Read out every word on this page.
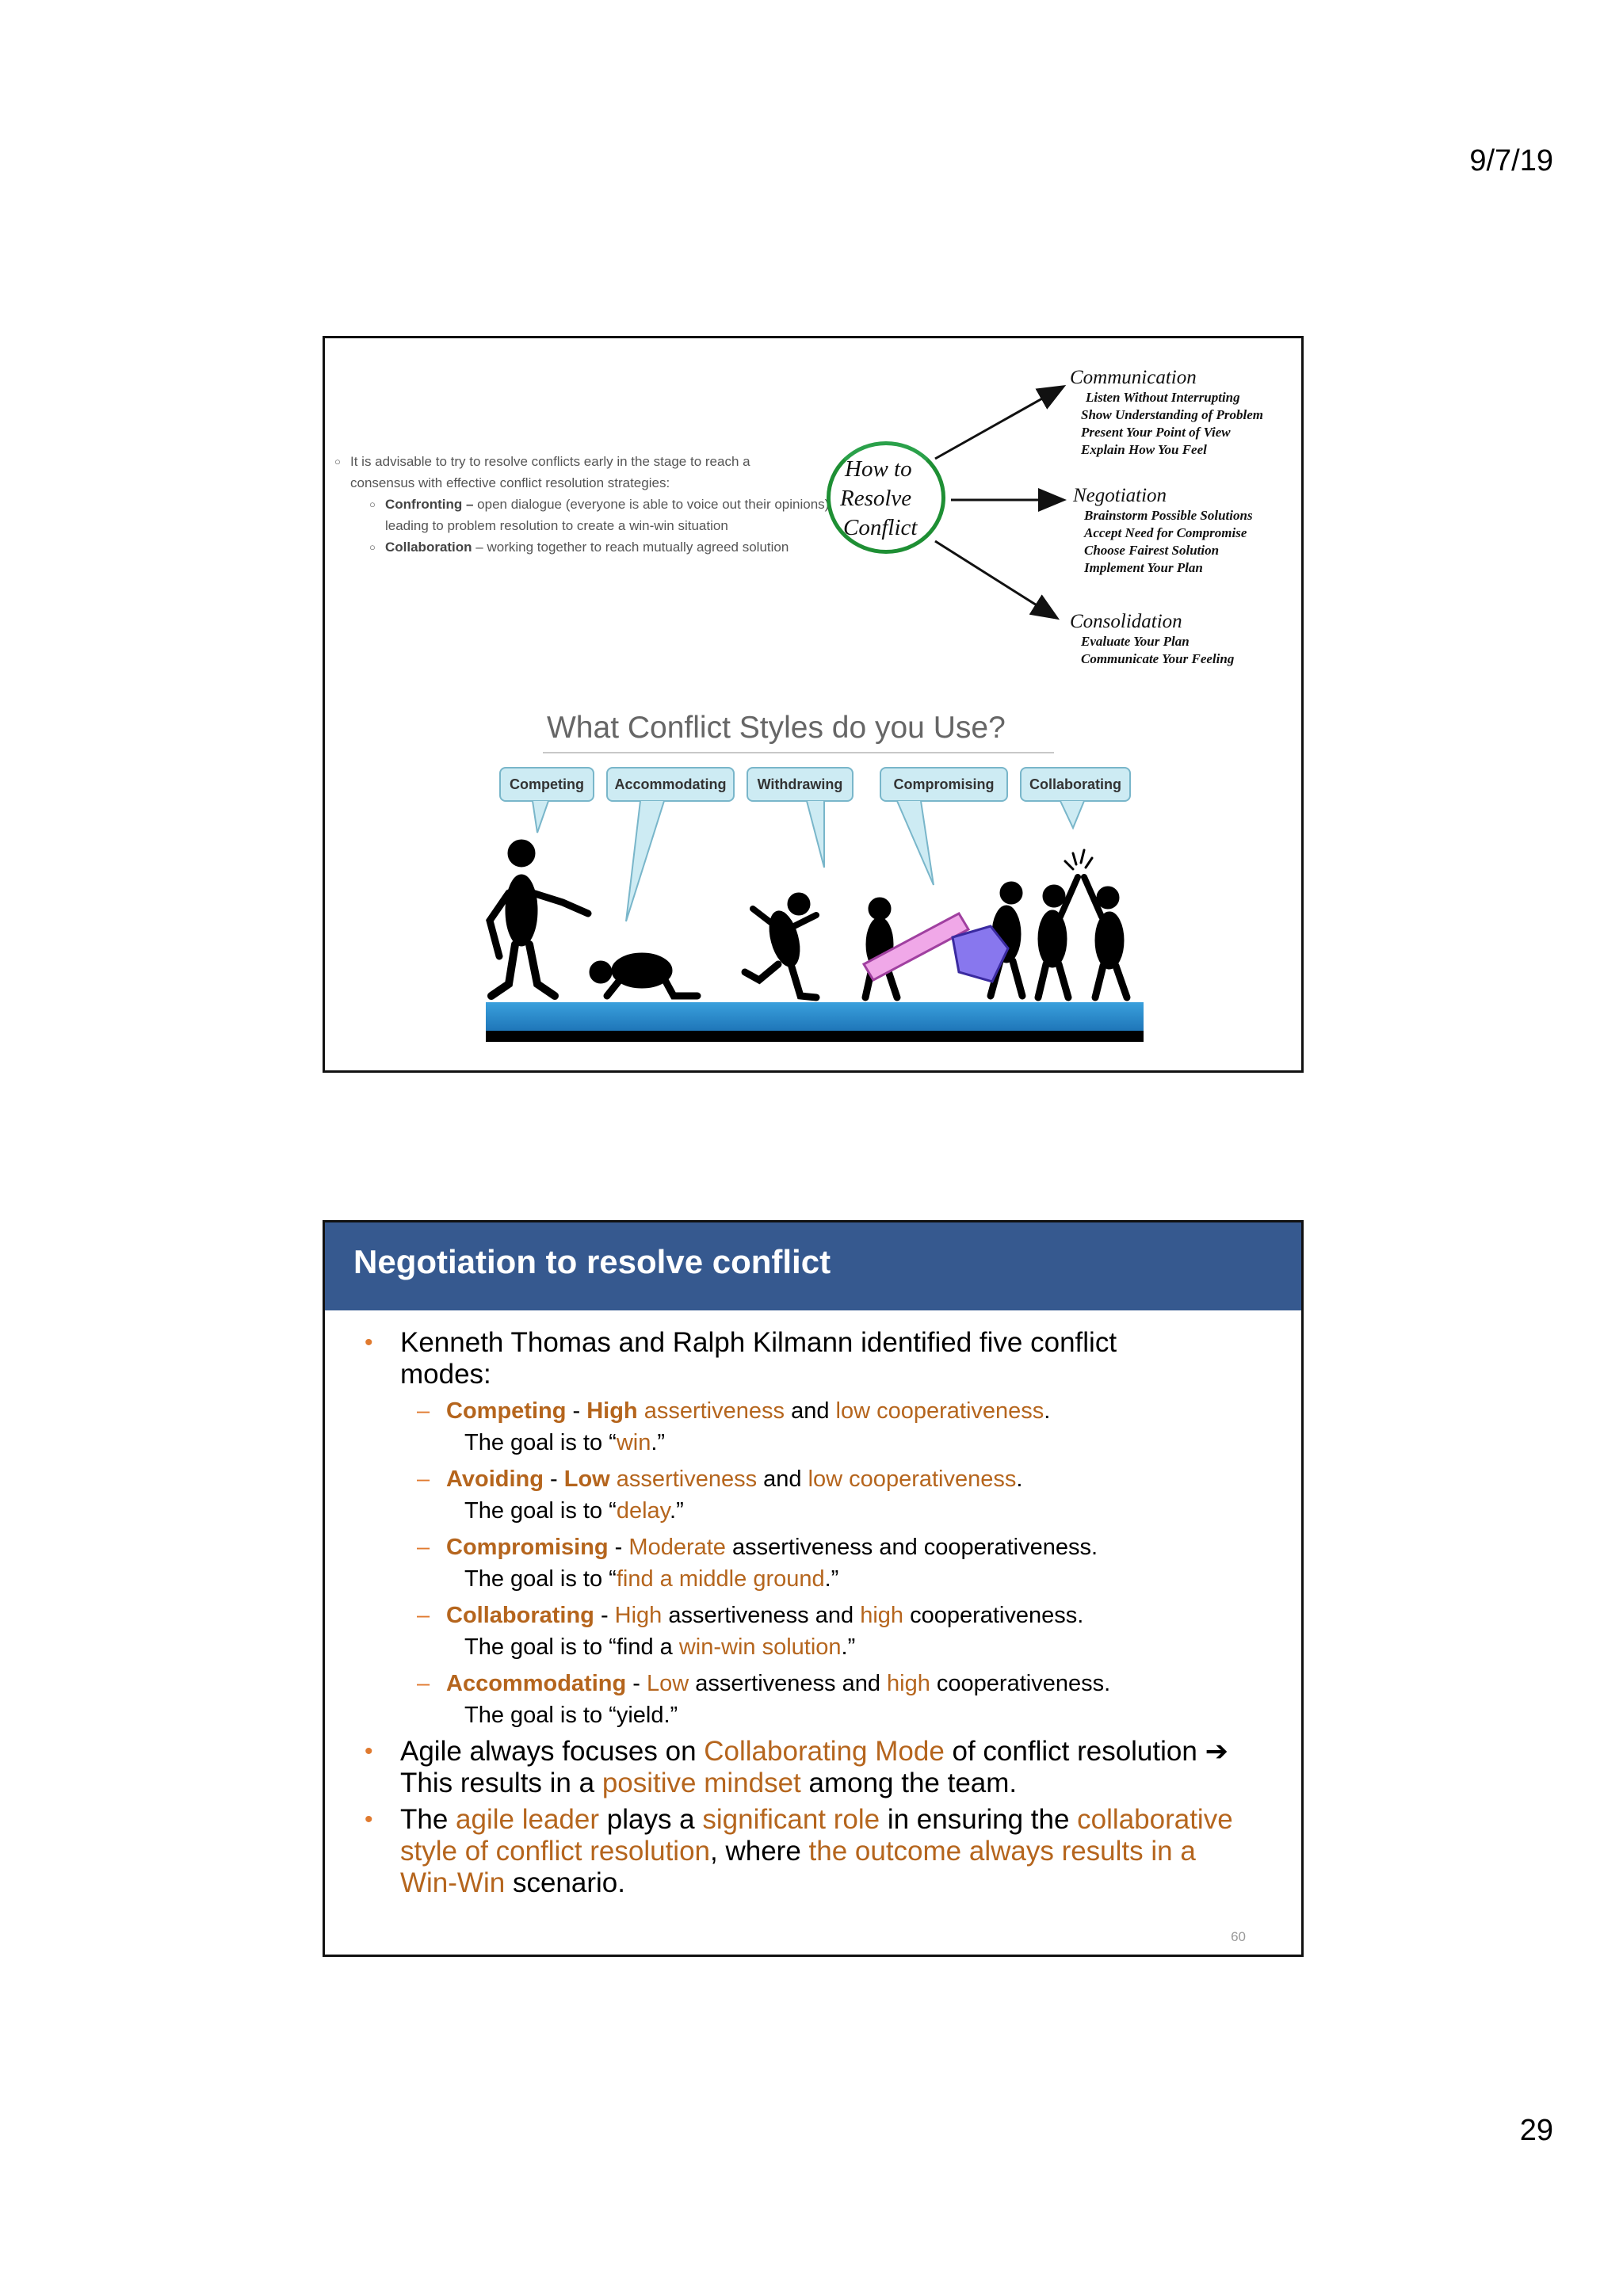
9/7/19
○ It is advisable to try to resolve conflicts early in the stage to reach a consensus with effective conflict resolution strategies:
○ Confronting – open dialogue (everyone is able to voice out their opinions) leading to problem resolution to create a win-win situation
○ Collaboration – working together to reach mutually agreed solution
How to
Resolve
Conflict
Communication
Listen Without Interrupting
Show Understanding of Problem
Present Your Point of View
Explain How You Feel
Negotiation
Brainstorm Possible Solutions
Accept Need for Compromise
Choose Fairest Solution
Implement Your Plan
Consolidation
Evaluate Your Plan
Communicate Your Feeling
What Conflict Styles do you Use?
Competing	Accommodating	Withdrawing	Compromising	Collaborating
Negotiation to resolve conflict
• Kenneth Thomas and Ralph Kilmann identified five conflict modes:
– Competing - High assertiveness and low cooperativeness.
The goal is to “win.”
– Avoiding - Low assertiveness and low cooperativeness.
The goal is to “delay.”
– Compromising - Moderate assertiveness and cooperativeness.
The goal is to “find a middle ground.”
– Collaborating - High assertiveness and high cooperativeness.
The goal is to “find a win-win solution.”
– Accommodating - Low assertiveness and high cooperativeness.
The goal is to “yield.”
• Agile always focuses on Collaborating Mode of conflict resolution ➔ This results in a positive mindset among the team.
• The agile leader plays a significant role in ensuring the collaborative style of conflict resolution, where the outcome always results in a Win-Win scenario.
60
29
